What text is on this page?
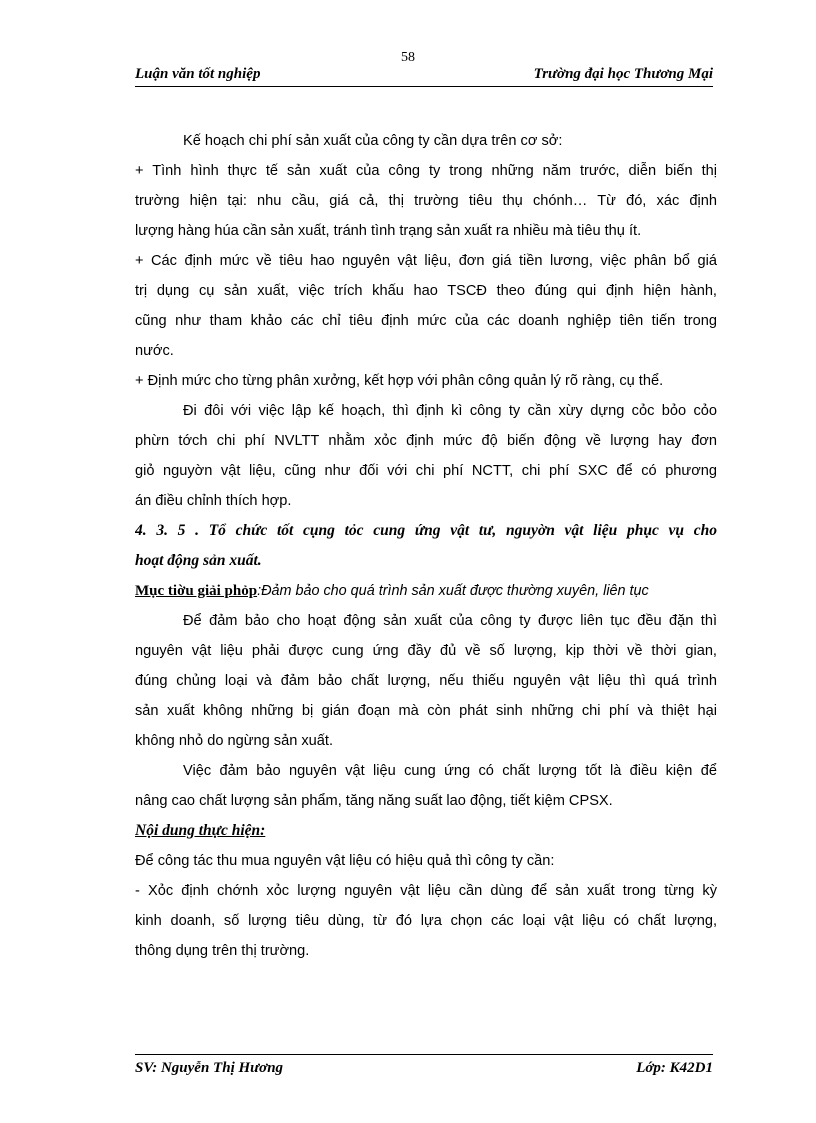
58
Luận văn tốt nghiệp	Trường đại học Thương Mại
Kế hoạch chi phí sản xuất của công ty cần dựa trên cơ sở:
+ Tình hình thực tế sản xuất của công ty trong những năm trước, diễn biến thị
trường hiện tại: nhu cầu, giá cả, thị trường tiêu thụ chónh… Từ đó, xác định
lượng hàng húa cần sản xuất, tránh tình trạng sản xuất ra nhiều mà tiêu thụ ít.
+ Các định mức về tiêu hao nguyên vật liệu, đơn giá tiền lương, việc phân bổ giá
trị dụng cụ sản xuất, việc trích khấu hao TSCĐ theo đúng qui định hiện hành,
cũng như tham khảo các chỉ tiêu định mức của các doanh nghiệp tiên tiến trong
nước.
+ Định mức cho từng phân xưởng, kết hợp với phân công quản lý rõ ràng, cụ thể.
Đi đôi với việc lập kế hoạch, thì định kì công ty cần xừy dựng cỏc bỏo cỏo
phừn tớch chi phí NVLTT nhằm xỏc định mức độ biến động về lượng hay đơn
giỏ nguyờn vật liệu, cũng như đối với chi phí NCTT, chi phí SXC để có phương
án điều chỉnh thích hợp.
4. 3. 5 . Tổ chức tốt cụng tỏc cung ứng vật tư, nguyờn vật liệu phục vụ cho
hoạt động sản xuất.
Mục tiờu giải phỏp:Đảm bảo cho quá trình sản xuất được thường xuyên, liên tục
Để đảm bảo cho hoạt động sản xuất của công ty được liên tục đều đặn thì
nguyên vật liệu phải được cung ứng đầy đủ về số lượng, kịp thời về thời gian,
đúng chủng loại và đảm bảo chất lượng, nếu thiếu nguyên vật liệu thì quá trình
sản xuất không những bị gián đoạn mà còn phát sinh những chi phí và thiệt hại
không nhỏ do ngừng sản xuất.
Việc đảm bảo nguyên vật liệu cung ứng có chất lượng tốt là điều kiện để
nâng cao chất lượng sản phẩm, tăng năng suất lao động, tiết kiệm CPSX.
Nội dung thực hiện:
Để công tác thu mua nguyên vật liệu có hiệu quả thì công ty cần:
- Xỏc định chớnh xỏc lượng nguyên vật liệu cần dùng để sản xuất trong từng kỳ
kinh doanh, số lượng tiêu dùng, từ đó lựa chọn các loại vật liệu có chất lượng,
thông dụng trên thị trường.
SV: Nguyễn Thị Hương	Lớp: K42D1
